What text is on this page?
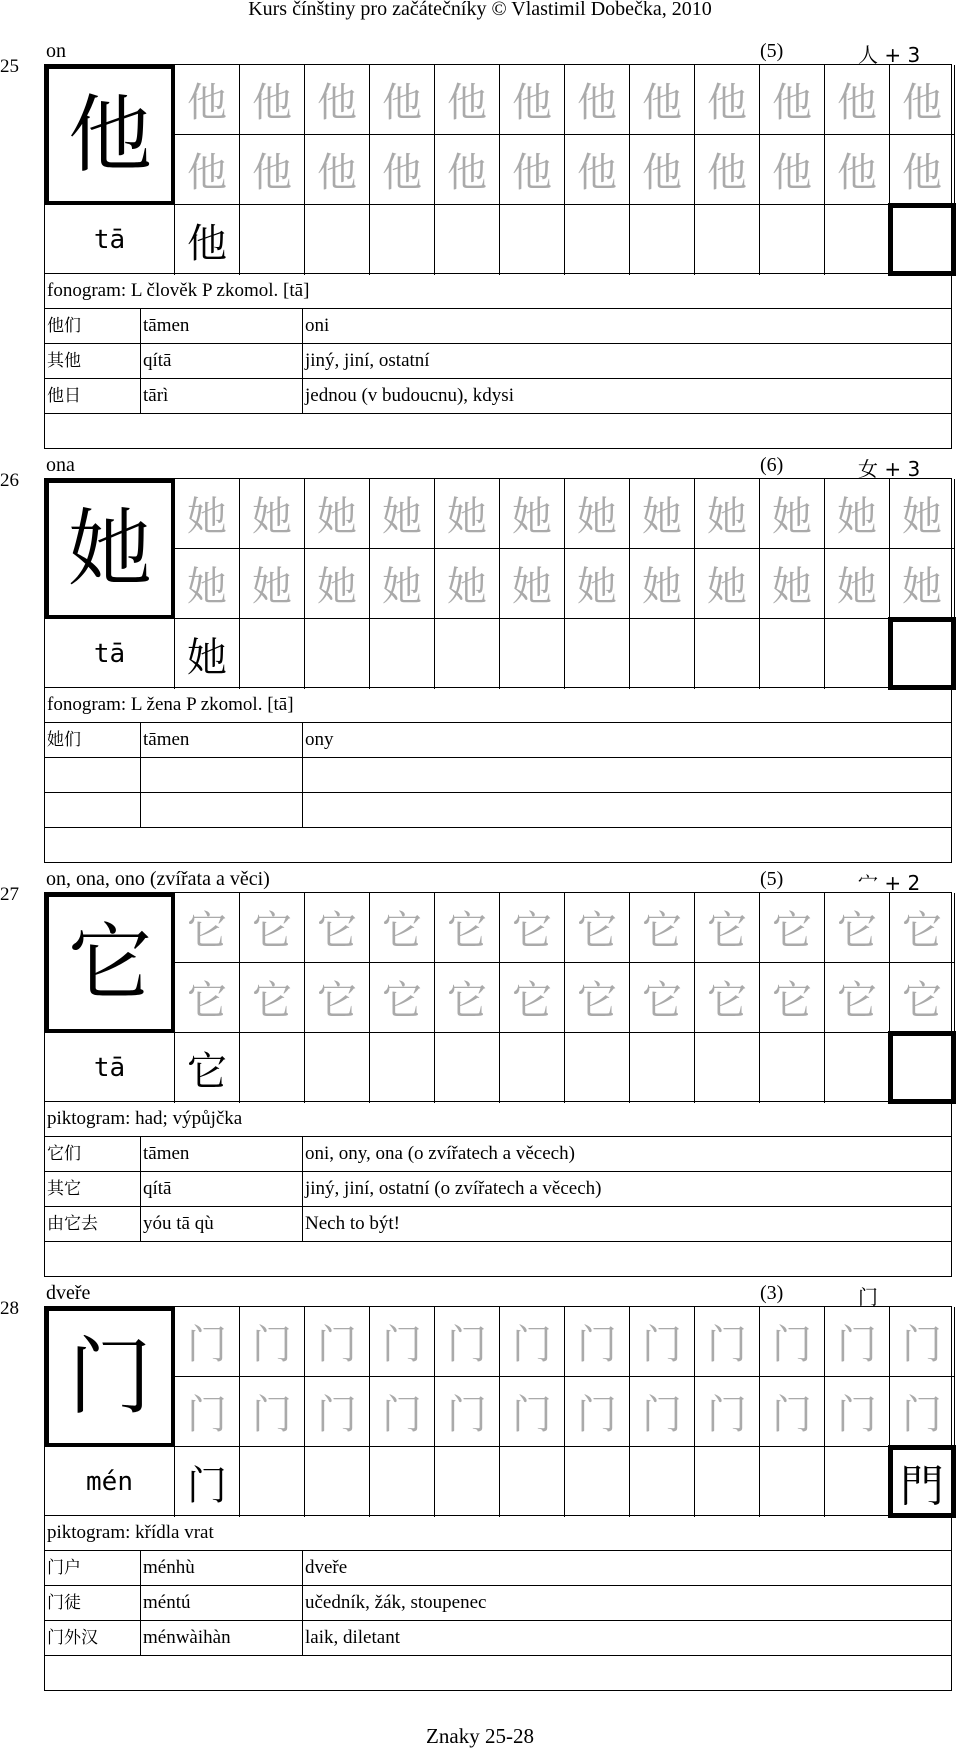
Kurs čínštiny pro začátečníky © Vlastimil Dobečka, 2010
25
on	(5)	人 + 3
他 他 他 他 他 他 他 他 他 他 他 他 他
他 他 他 他 他 他 他 他 他 他 他 他
tā	他
fonogram: L člověk P zkomol. [tā]
他们	tāmen	oni
其他	qítā	jiný, jiní, ostatní
他日	tārì	jednou (v budoucnu), kdysi
26
ona	(6)	女 + 3
她 她 她 她 她 她 她 她 她 她 她 她 她
她 她 她 她 她 她 她 她 她 她 她 她
tā	她
fonogram: L žena P zkomol. [tā]
她们	tāmen	ony
27
on, ona, ono (zvířata a věci)	(5)	宀 + 2
它 它 它 它 它 它 它 它 它 它 它 它 它
它 它 它 它 它 它 它 它 它 它 它 它
tā	它
piktogram: had; výpůjčka
它们	tāmen	oni, ony, ona (o zvířatech a věcech)
其它	qítā	jiný, jiní, ostatní (o zvířatech a věcech)
由它去	yóu tā qù	Nech to být!
28
dveře	(3)	门
门 门 门 门 门 门 门 门 门 门 门 门 门
门 门 门 门 门 门 门 门 门 门 门 门
mén	门	門
piktogram: křídla vrat
门户	ménhù	dveře
门徒	méntú	učedník, žák, stoupenec
门外汉	ménwàihàn	laik, diletant
Znaky 25-28
